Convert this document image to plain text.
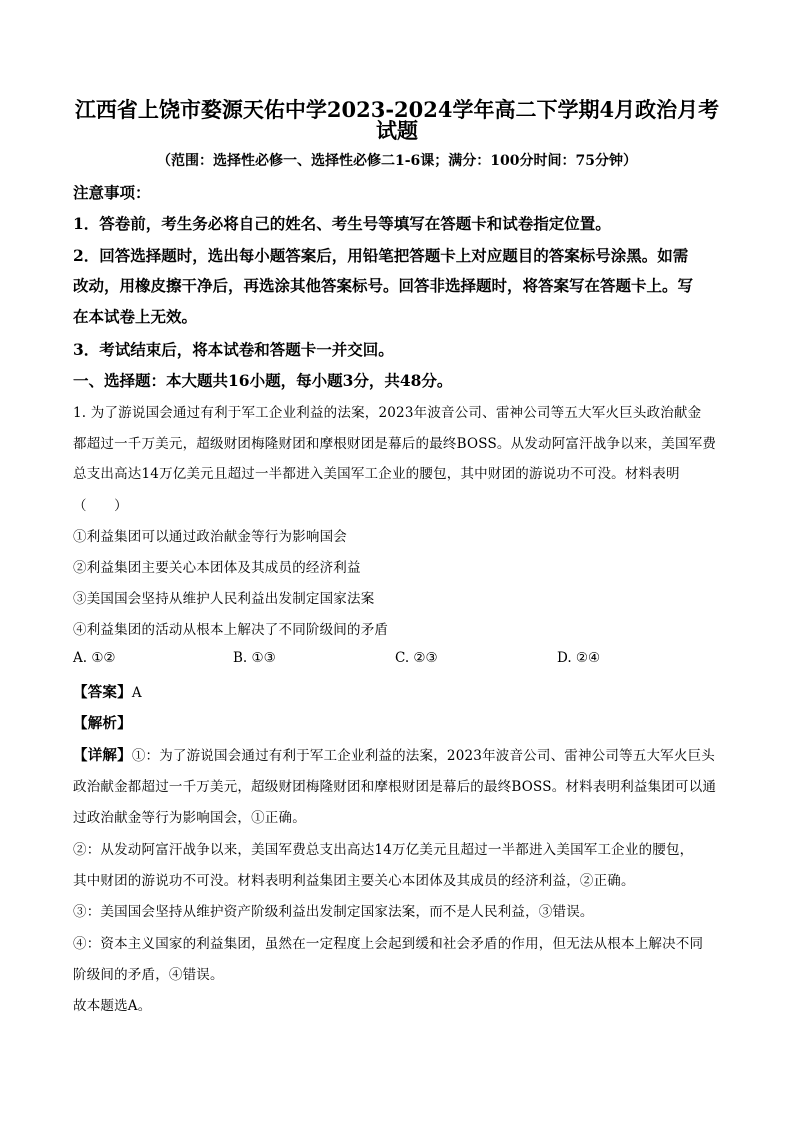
江西省上饶市婺源天佑中学2023-2024学年高二下学期4月政治月考
试题
（范围：选择性必修一、选择性必修二1-6课；满分：100分时间：75分钟）
注意事项：
1．答卷前，考生务必将自己的姓名、考生号等填写在答题卡和试卷指定位置。
2．回答选择题时，选出每小题答案后，用铅笔把答题卡上对应题目的答案标号涂黑。如需
改动，用橡皮擦干净后，再选涂其他答案标号。回答非选择题时，将答案写在答题卡上。写
在本试卷上无效。
3．考试结束后，将本试卷和答题卡一并交回。
一、选择题：本大题共16小题，每小题3分，共48分。
1. 为了游说国会通过有利于军工企业利益的法案，2023年波音公司、雷神公司等五大军火巨头政治献金
都超过一千万美元，超级财团梅隆财团和摩根财团是幕后的最终BOSS。从发动阿富汗战争以来，美国军费
总支出高达14万亿美元且超过一半都进入美国军工企业的腰包，其中财团的游说功不可没。材料表明
（　　）
①利益集团可以通过政治献金等行为影响国会
②利益集团主要关心本团体及其成员的经济利益
③美国国会坚持从维护人民利益出发制定国家法案
④利益集团的活动从根本上解决了不同阶级间的矛盾
A. ①②	B. ①③	C. ②③	D. ②④
【答案】A
【解析】
【详解】①：为了游说国会通过有利于军工企业利益的法案，2023年波音公司、雷神公司等五大军火巨头
政治献金都超过一千万美元，超级财团梅隆财团和摩根财团是幕后的最终BOSS。材料表明利益集团可以通
过政治献金等行为影响国会，①正确。
②：从发动阿富汗战争以来，美国军费总支出高达14万亿美元且超过一半都进入美国军工企业的腰包，
其中财团的游说功不可没。材料表明利益集团主要关心本团体及其成员的经济利益，②正确。
③：美国国会坚持从维护资产阶级利益出发制定国家法案，而不是人民利益，③错误。
④：资本主义国家的利益集团，虽然在一定程度上会起到缓和社会矛盾的作用，但无法从根本上解决不同
阶级间的矛盾，④错误。
故本题选A。
